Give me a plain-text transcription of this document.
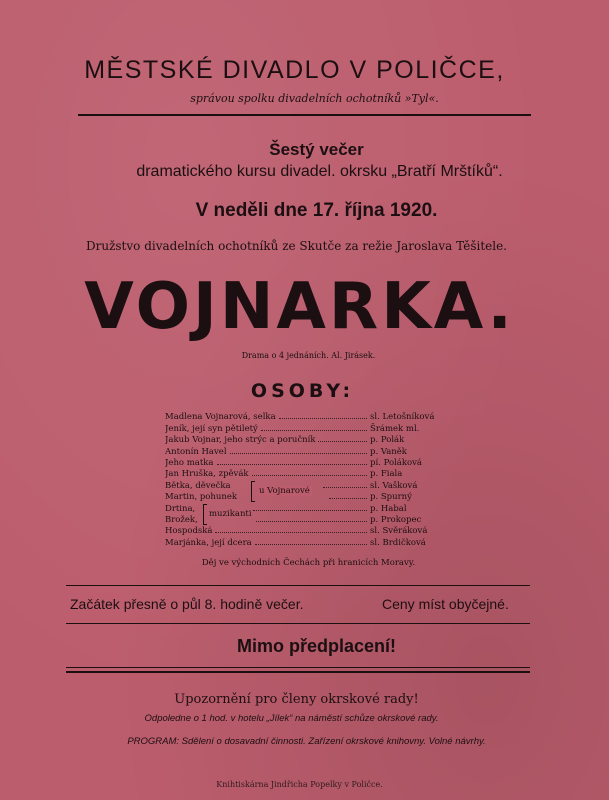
MĚSTSKÉ DIVADLO V POLIČCE,
správou spolku divadelních ochotníků »Tyl«.
Šestý večer
dramatického kursu divadel. okrsku „Bratří Mrštíků“.
V neděli dne 17. října 1920.
Družstvo divadelních ochotníků ze Skutče za režie Jaroslava Těšitele.
VOJNARKA.
Drama o 4 jednáních. Al. Jirásek.
OSOBY:
Madlena Vojnarová, selka	sl. Letošníková
Jeník, její syn pětiletý	Šrámek ml.
Jakub Vojnar, jeho strýc a poručník	p. Polák
Antonín Havel	p. Vaněk
Jeho matka	pí. Poláková
Jan Hruška, zpěvák	p. Fiala
Bětka, děvečka	sl. Vašková
Martin, pohunek	p. Spurný
Drtina,	p. Habal
Brožek,	p. Prokopec
Hospodská	sl. Svěráková
Marjánka, její dcera	sl. Brdičková
u Vojnarové
muzikanti
Děj ve východních Čechách při hranicích Moravy.
Začátek přesně o půl 8. hodině večer.	Ceny míst obyčejné.
Mimo předplacení!
Upozornění pro členy okrskové rady!
Odpoledne o 1 hod. v hotelu „Jílek“ na náměstí schůze okrskové rady.
PROGRAM: Sdělení o dosavadní činnosti. Zařízení okrskové knihovny. Volné návrhy.
Knihtiskárna Jindřicha Popelky v Poličce.
